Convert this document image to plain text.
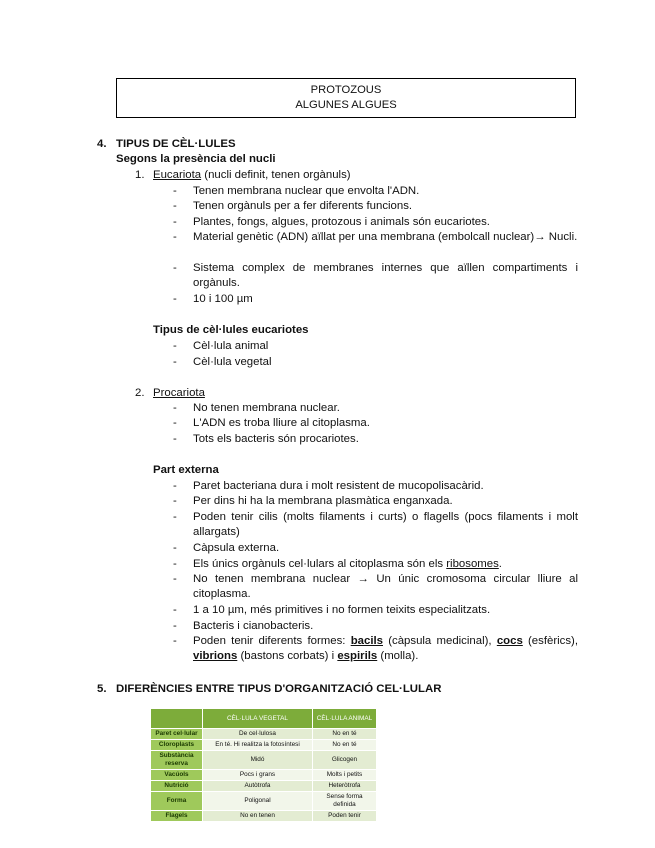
PROTOZOUS
ALGUNES ALGUES
4. TIPUS DE CÈL·LULES
Segons la presència del nucli
1. Eucariota (nucli definit, tenen orgànuls)
-	Tenen membrana nuclear que envolta l'ADN.
-	Tenen orgànuls per a fer diferents funcions.
-	Plantes, fongs, algues, protozous i animals són eucariotes.
-	Material genètic (ADN) aïllat per una membrana (embolcall nuclear)→ Nucli.
-	Sistema complex de membranes internes que aïllen compartiments i orgànuls.
-	10 i 100 µm
Tipus de cèl·lules eucariotes
-	Cèl·lula animal
-	Cèl·lula vegetal
2. Procariota
-	No tenen membrana nuclear.
-	L'ADN es troba lliure al citoplasma.
-	Tots els bacteris són procariotes.
Part externa
-	Paret bacteriana dura i molt resistent de mucopolisacàrid.
-	Per dins hi ha la membrana plasmàtica enganxada.
-	Poden tenir cilis (molts filaments i curts) o flagells (pocs filaments i molt allargats)
-	Càpsula externa.
-	Els únics orgànuls cel·lulars al citoplasma són els ribosomes.
-	No tenen membrana nuclear → Un únic cromosoma circular lliure al citoplasma.
-	1 a 10 µm, més primitives i no formen teixits especialitzats.
-	Bacteris i cianobacteris.
-	Poden tenir diferents formes: bacils (càpsula medicinal), cocs (esfèrics), vibrions (bastons corbats) i espirils (molla).
5. DIFERÈNCIES ENTRE TIPUS D'ORGANITZACIÓ CEL·LULAR
	CÈL·LULA VEGETAL	CÈL·LULA ANIMAL
Paret cel·lular	De cel·lulosa	No en té
Cloroplasts	En té. Hi realitza la fotosíntesi	No en té
Substància reserva	Midó	Glicogen
Vacúols	Pocs i grans	Molts i petits
Nutrició	Autòtrofa	Heteròtrofa
Forma	Poligonal	Sense forma definida
Flagels	No en tenen	Poden tenir
